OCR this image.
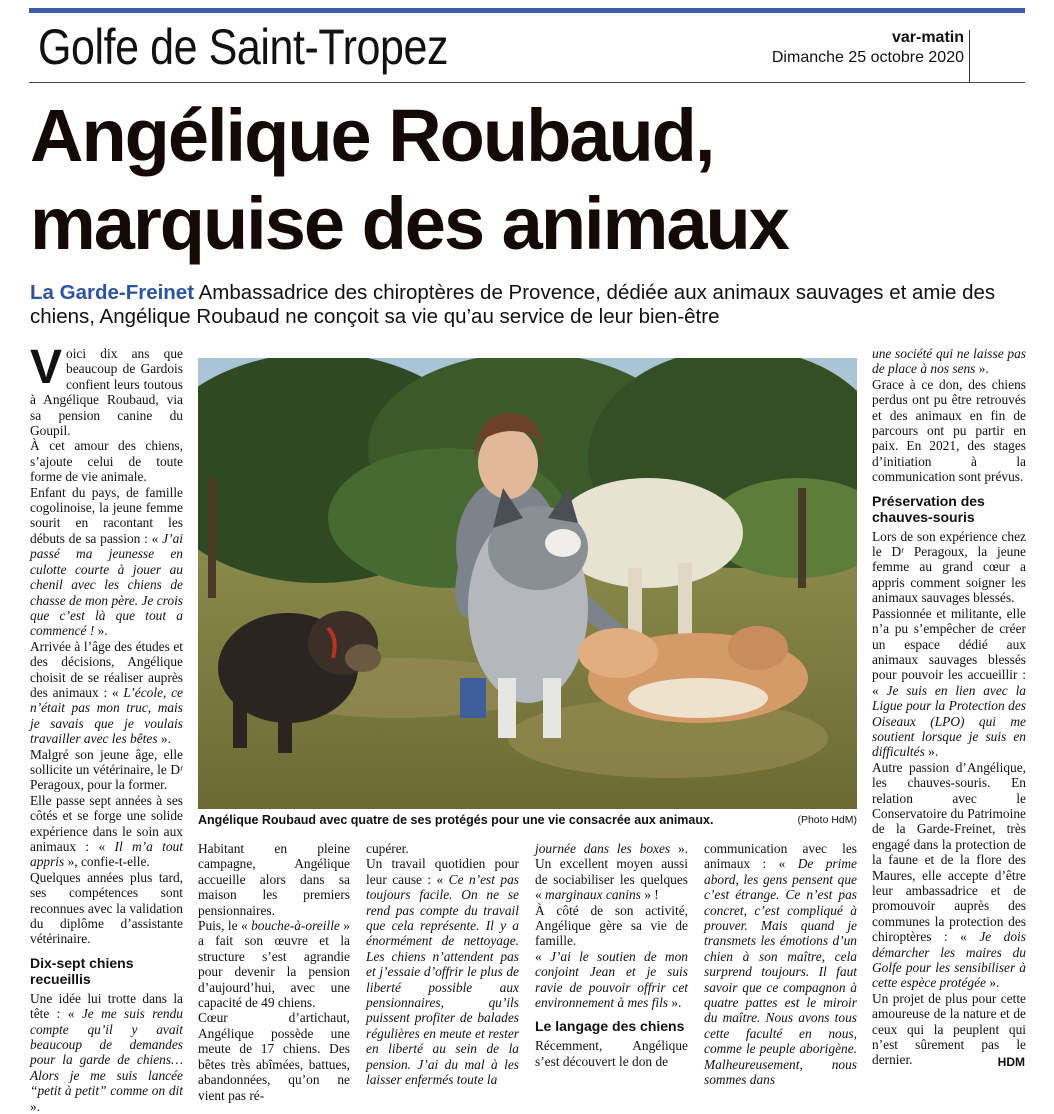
Golfe de Saint-Tropez	var-matin
Dimanche 25 octobre 2020
Angélique Roubaud,
marquise des animaux
La Garde-Freinet Ambassadrice des chiroptères de Provence, dédiée aux animaux sauvages et amie des chiens, Angélique Roubaud ne conçoit sa vie qu’au service de leur bien-être

Voici dix ans que beaucoup de Gardois confient leurs toutous à Angélique Roubaud, via sa pension canine du Goupil.

À cet amour des chiens, s’ajoute celui de toute forme de vie animale.

Enfant du pays, de famille cogolinoise, la jeune femme sourit en racontant les débuts de sa passion : « J’ai passé ma jeunesse en culotte courte à jouer au chenil avec les chiens de chasse de mon père. Je crois que c’est là que tout a commencé ! ».

Arrivée à l’âge des études et des décisions, Angélique choisit de se réaliser auprès des animaux : « L’école, ce n’était pas mon truc, mais je savais que je voulais travailler avec les bêtes ».

Malgré son jeune âge, elle sollicite un vétérinaire, le Dʳ Peragoux, pour la former.

Elle passe sept années à ses côtés et se forge une solide expérience dans le soin aux animaux : « Il m’a tout appris », confie-t-elle.

Quelques années plus tard, ses compétences sont reconnues avec la validation du diplôme d’assistante vétérinaire.

Dix-sept chiens recueillis

Une idée lui trotte dans la tête : « Je me suis rendu compte qu’il y avait beaucoup de demandes pour la garde de chiens… Alors je me suis lancée “petit à petit” comme on dit ».

Angélique Roubaud avec quatre de ses protégés pour une vie consacrée aux animaux.	(Photo HdM)

Habitant en pleine campagne, Angélique accueille alors dans sa maison les premiers pensionnaires.

Puis, le « bouche-à-oreille » a fait son œuvre et la structure s’est agrandie pour devenir la pension d’aujourd’hui, avec une capacité de 49 chiens.

Cœur d’artichaut, Angélique possède une meute de 17 chiens. Des bêtes très abîmées, battues, abandonnées, qu’on ne vient pas ré-

cupérer.

Un travail quotidien pour leur cause : « Ce n’est pas toujours facile. On ne se rend pas compte du travail que cela représente. Il y a énormément de nettoyage. Les chiens n’attendent pas et j’essaie d’offrir le plus de liberté possible aux pensionnaires, qu’ils puissent profiter de balades régulières en meute et rester en liberté au sein de la pension. J’ai du mal à les laisser enfermés toute la

journée dans les boxes ». Un excellent moyen aussi de sociabiliser les quelques « marginaux canins » !

À côté de son activité, Angélique gère sa vie de famille.

« J’ai le soutien de mon conjoint Jean et je suis ravie de pouvoir offrir cet environnement à mes fils ».

Le langage des chiens

Récemment, Angélique s’est découvert le don de

communication avec les animaux : « De prime abord, les gens pensent que c’est étrange. Ce n’est pas concret, c’est compliqué à prouver. Mais quand je transmets les émotions d’un chien à son maître, cela surprend toujours. Il faut savoir que ce compagnon à quatre pattes est le miroir du maître. Nous avons tous cette faculté en nous, comme le peuple aborigène. Malheureusement, nous sommes dans

une société qui ne laisse pas de place à nos sens ».

Grace à ce don, des chiens perdus ont pu être retrouvés et des animaux en fin de parcours ont pu partir en paix. En 2021, des stages d’initiation à la communication sont prévus.

Préservation des chauves-souris

Lors de son expérience chez le Dʳ Peragoux, la jeune femme au grand cœur a appris comment soigner les animaux sauvages blessés.

Passionnée et militante, elle n’a pu s’empêcher de créer un espace dédié aux animaux sauvages blessés pour pouvoir les accueillir : « Je suis en lien avec la Ligue pour la Protection des Oiseaux (LPO) qui me soutient lorsque je suis en difficultés ».

Autre passion d’Angélique, les chauves-souris. En relation avec le Conservatoire du Patrimoine de la Garde-Freinet, très engagé dans la protection de la faune et de la flore des Maures, elle accepte d’être leur ambassadrice et de promouvoir auprès des communes la protection des chiroptères : « Je dois démarcher les maires du Golfe pour les sensibiliser à cette espèce protégée ».

Un projet de plus pour cette amoureuse de la nature et de ceux qui la peuplent qui n’est sûrement pas le dernier.	HDM
